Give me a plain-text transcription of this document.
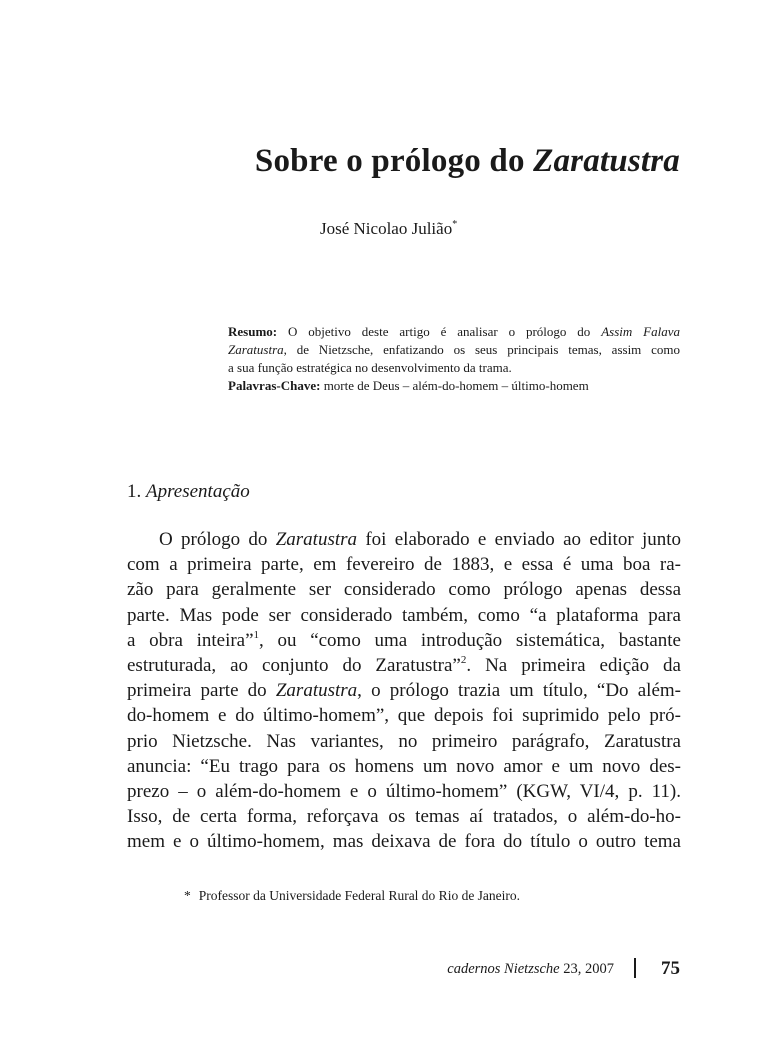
Sobre o prólogo do Zaratustra
José Nicolao Julião*
Resumo: O objetivo deste artigo é analisar o prólogo do Assim Falava
Zaratustra, de Nietzsche, enfatizando os seus principais temas, assim como
a sua função estratégica no desenvolvimento da trama.
Palavras-Chave: morte de Deus – além-do-homem – último-homem
1. Apresentação
O prólogo do Zaratustra foi elaborado e enviado ao editor junto
com a primeira parte, em fevereiro de 1883, e essa é uma boa ra-
zão para geralmente ser considerado como prólogo apenas dessa
parte. Mas pode ser considerado também, como “a plataforma para
a obra inteira”$^1$, ou “como uma introdução sistemática, bastante
estruturada, ao conjunto do Zaratustra”$^2$. Na primeira edição da
primeira parte do Zaratustra, o prólogo trazia um título, “Do além-
do-homem e do último-homem”, que depois foi suprimido pelo pró-
prio Nietzsche. Nas variantes, no primeiro parágrafo, Zaratustra
anuncia: “Eu trago para os homens um novo amor e um novo des-
prezo – o além-do-homem e o último-homem” (KGW, VI/4, p. 11).
Isso, de certa forma, reforçava os temas aí tratados, o além-do-ho-
mem e o último-homem, mas deixava de fora do título o outro tema
* Professor da Universidade Federal Rural do Rio de Janeiro.
cadernos Nietzsche 23, 2007 75
